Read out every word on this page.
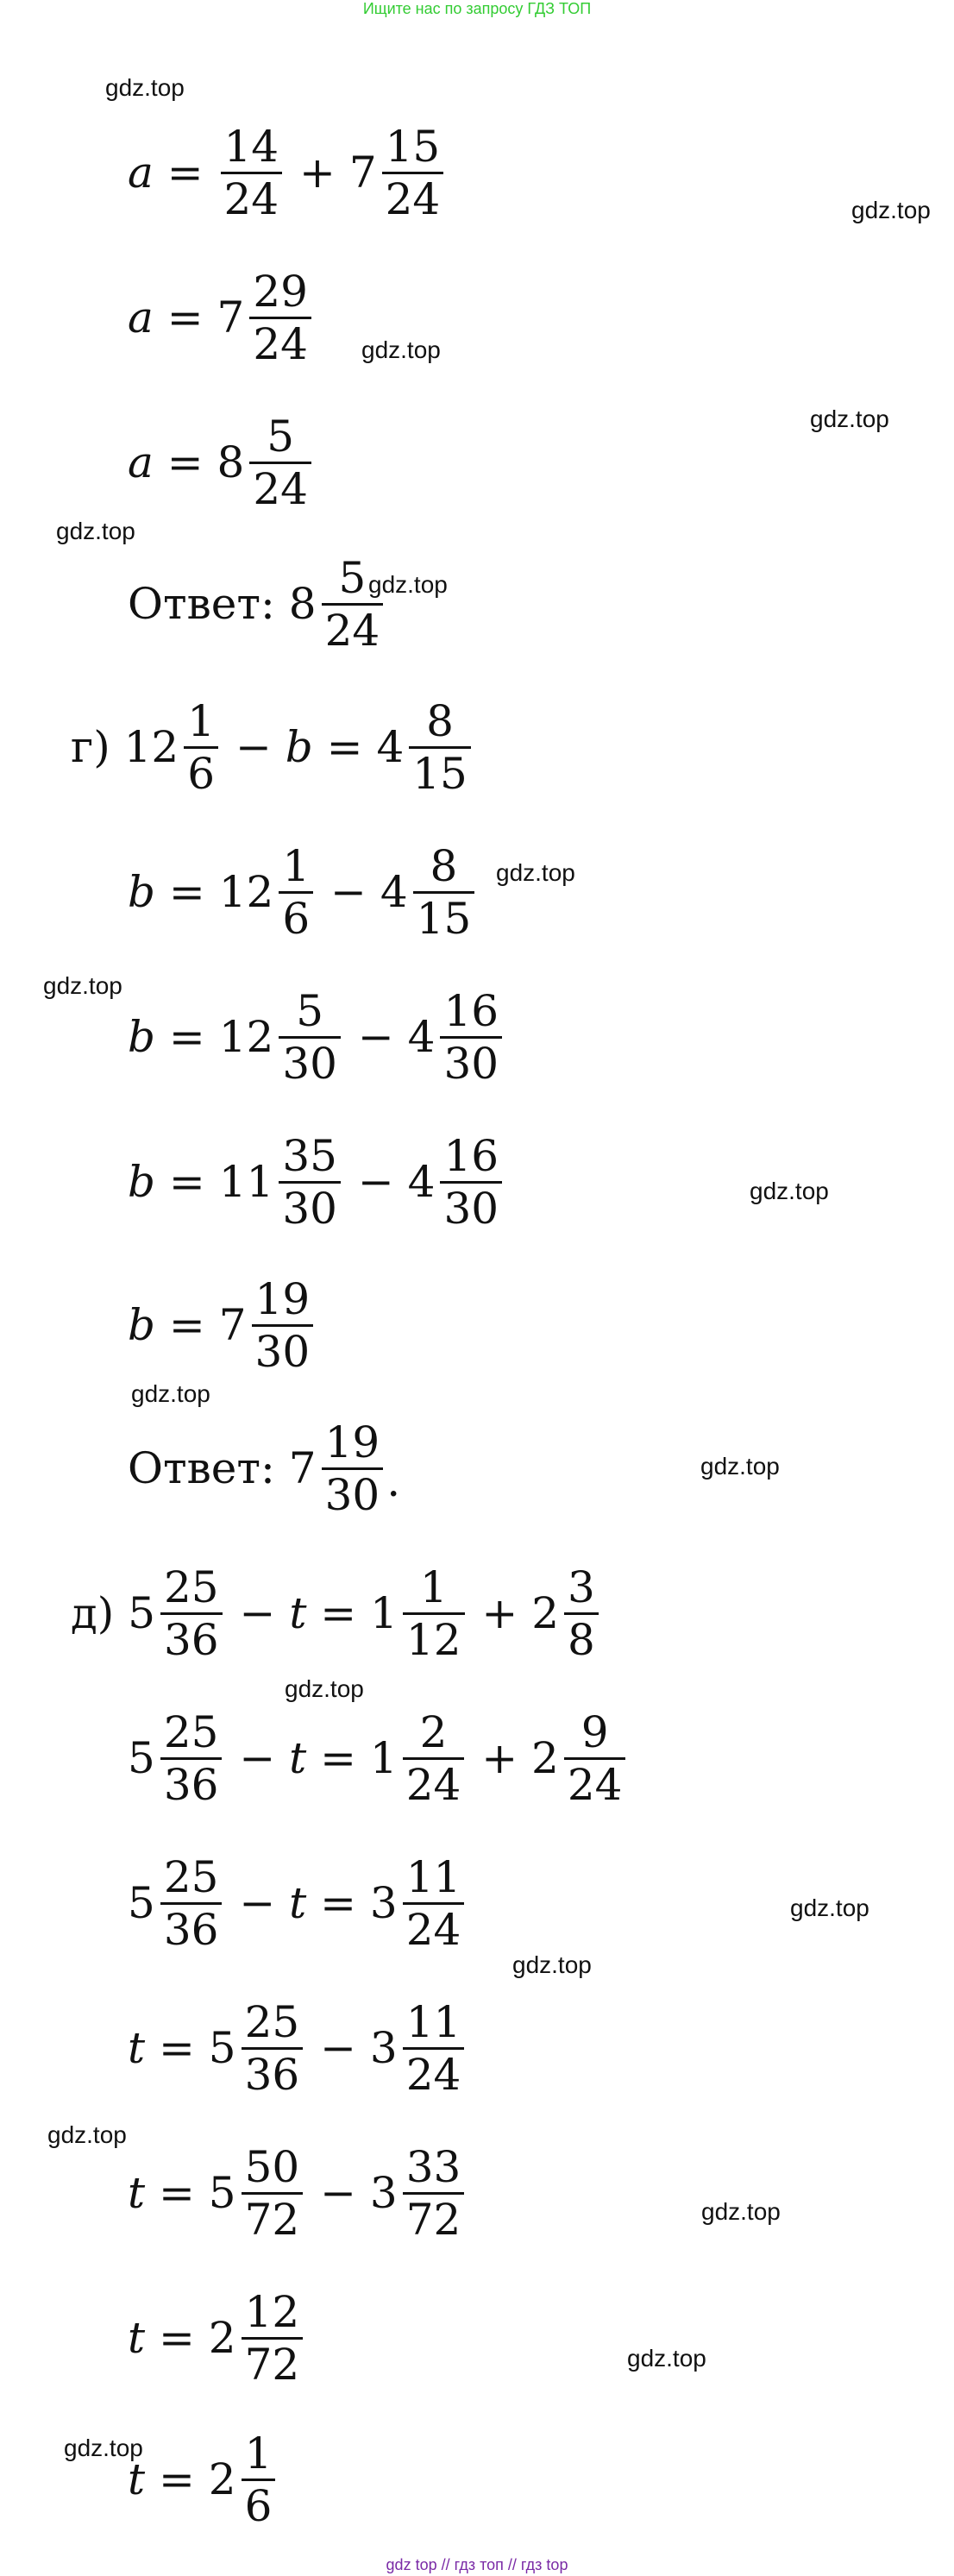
Ищите нас по запросу ГДЗ ТОП
gdz.top
gdz.top
gdz.top
gdz.top
gdz.top
gdz.top
gdz.top
gdz.top
gdz.top
gdz.top
gdz.top
gdz.top
gdz.top
gdz.top
gdz.top
gdz.top
gdz.top
gdz.top
$a = \frac{14}{24} + 7 \frac{15}{24}$
$a = 7 \frac{29}{24}$
$a = 8 \frac{5}{24}$
Ответ: $8 \frac{5}{24}$
г) $12 \frac{1}{6} - b = 4 \frac{8}{15}$
$b = 12 \frac{1}{6} - 4 \frac{8}{15}$
$b = 12 \frac{5}{30} - 4 \frac{16}{30}$
$b = 11 \frac{35}{30} - 4 \frac{16}{30}$
$b = 7 \frac{19}{30}$
Ответ: $7 \frac{19}{30}$ .
д) $5 \frac{25}{36} - t = 1 \frac{1}{12} + 2 \frac{3}{8}$
$5 \frac{25}{36} - t = 1 \frac{2}{24} + 2 \frac{9}{24}$
$5 \frac{25}{36} - t = 3 \frac{11}{24}$
$t = 5 \frac{25}{36} - 3 \frac{11}{24}$
$t = 5 \frac{50}{72} - 3 \frac{33}{72}$
$t = 2 \frac{12}{72}$
$t = 2 \frac{1}{6}$
gdz top // гдз топ // гдз top
